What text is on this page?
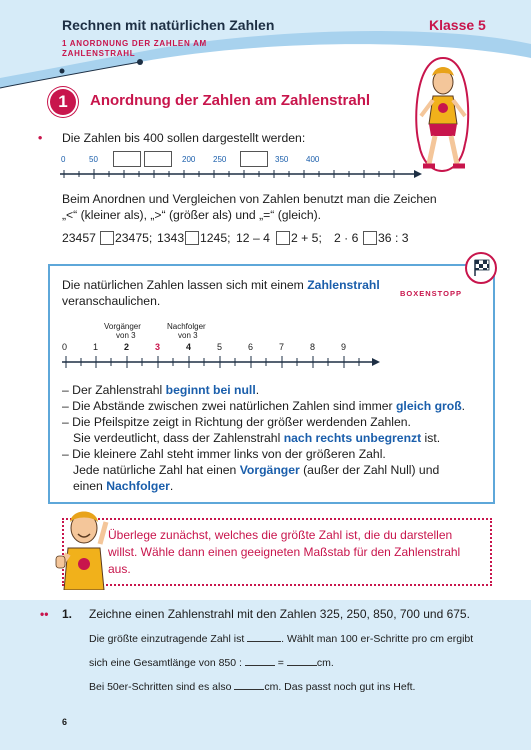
Rechnen mit natürlichen Zahlen	Klasse 5
1 ANORDNUNG DER ZAHLEN AM ZAHLENSTRAHL
1	Anordnung der Zahlen am Zahlenstrahl
• Die Zahlen bis 400 sollen dargestellt werden:
0	50	200 250	350 400
Beim Anordnen und Vergleichen von Zahlen benutzt man die Zeichen
„<“ (kleiner als), „>“ (größer als) und „=“ (gleich).
23457 23475; 1343 1245; 12 – 4 2 + 5; 2 · 6 36 : 3
Die natürlichen Zahlen lassen sich mit einem Zahlenstrahl
veranschaulichen.
BOXENSTOPP
Vorgänger
von 3
Nachfolger
von 3
0	1	2	3	4	5	6	7	8	9
– Der Zahlenstrahl beginnt bei null.
– Die Abstände zwischen zwei natürlichen Zahlen sind immer gleich groß.
– Die Pfeilspitze zeigt in Richtung der größer werdenden Zahlen.
Sie verdeutlicht, dass der Zahlenstrahl nach rechts unbegrenzt ist.
– Die kleinere Zahl steht immer links von der größeren Zahl.
Jede natürliche Zahl hat einen Vorgänger (außer der Zahl Null) und
einen Nachfolger.
Überlege zunächst, welches die größte Zahl ist, die du darstellen willst. Wähle dann einen geeigneten Maßstab für den Zahlenstrahl aus.
•• 1. Zeichne einen Zahlenstrahl mit den Zahlen 325, 250, 850, 700 und 675.
Die größte einzutragende Zahl ist	. Wählt man 100 er-Schritte pro cm ergibt
sich eine Gesamtlänge von 850 :	=	cm.
Bei 50er-Schritten sind es also	cm. Das passt noch gut ins Heft.
6
